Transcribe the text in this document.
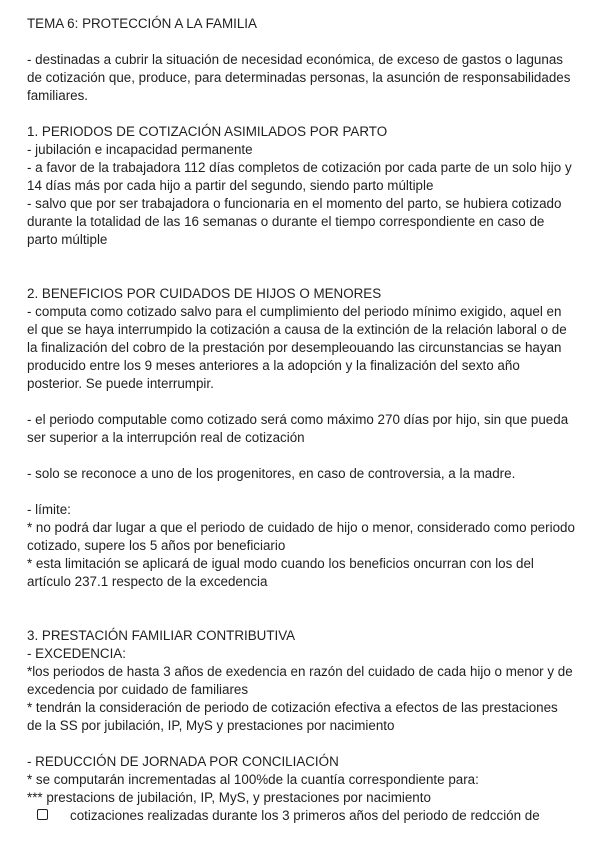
TEMA 6: PROTECCIÓN A LA FAMILIA
- destinadas a cubrir la situación de necesidad económica, de exceso de gastos o lagunas
de cotización que, produce, para determinadas personas, la asunción de responsabilidades
familiares.
1. PERIODOS DE COTIZACIÓN ASIMILADOS POR PARTO
- jubilación e incapacidad permanente
- a favor de la trabajadora 112 días completos de cotización por cada parte de un solo hijo y
14 días más por cada hijo a partir del segundo, siendo parto múltiple
- salvo que por ser trabajadora o funcionaria en el momento del parto, se hubiera cotizado
durante la totalidad de las 16 semanas o durante el tiempo correspondiente en caso de
parto múltiple
2. BENEFICIOS POR CUIDADOS DE HIJOS O MENORES
- computa como cotizado salvo para el cumplimiento del periodo mínimo exigido, aquel en
el que se haya interrumpido la cotización a causa de la extinción de la relación laboral o de
la finalización del cobro de la prestación por desempleouando las circunstancias se hayan
producido entre los 9 meses anteriores a la adopción y la finalización del sexto año
posterior. Se puede interrumpir.
- el periodo computable como cotizado será como máximo 270 días por hijo, sin que pueda
ser superior a la interrupción real de cotización
- solo se reconoce a uno de los progenitores, en caso de controversia, a la madre.
- límite:
* no podrá dar lugar a que el periodo de cuidado de hijo o menor, considerado como periodo
cotizado, supere los 5 años por beneficiario
* esta limitación se aplicará de igual modo cuando los beneficios oncurran con los del
artículo 237.1 respecto de la excedencia
3. PRESTACIÓN FAMILIAR CONTRIBUTIVA
- EXCEDENCIA:
*los periodos de hasta 3 años de exedencia en razón del cuidado de cada hijo o menor y de
excedencia por cuidado de familiares
* tendrán la consideración de periodo de cotización efectiva a efectos de las prestaciones
de la SS por jubilación, IP, MyS y prestaciones por nacimiento
- REDUCCIÓN DE JORNADA POR CONCILIACIÓN
* se computarán incrementadas al 100%de la cuantía correspondiente para:
*** prestacions de jubilación, IP, MyS, y prestaciones por nacimiento
cotizaciones realizadas durante los 3 primeros años del periodo de redcción de
